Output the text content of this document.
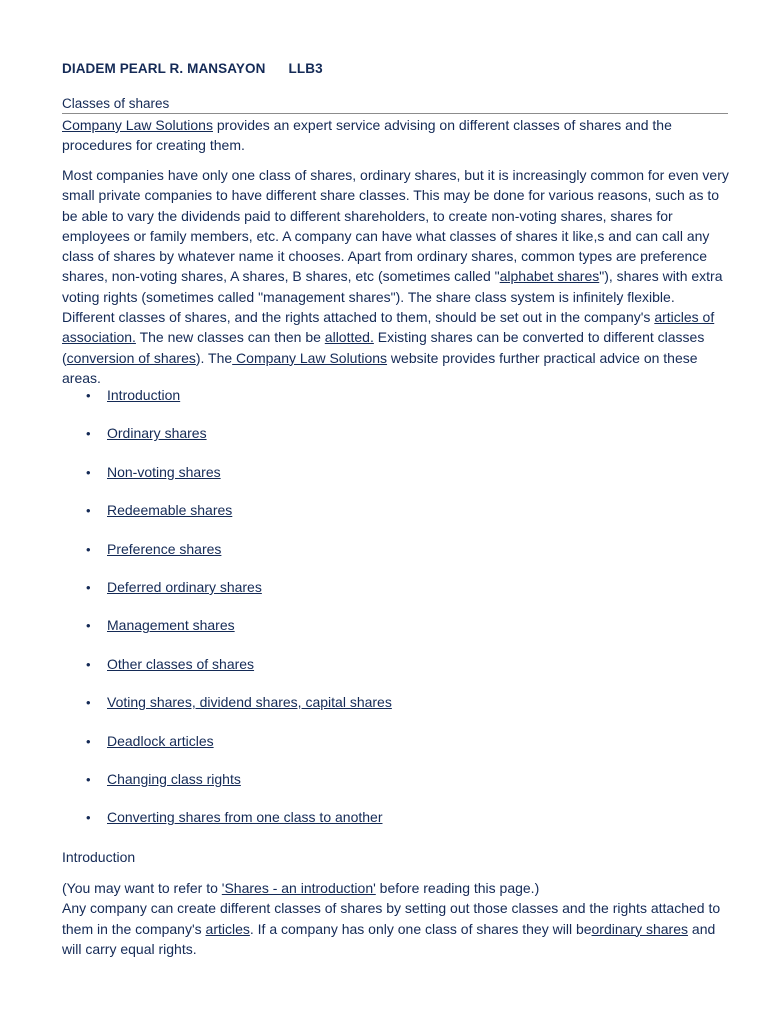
DIADEM PEARL R. MANSAYON LLB3
Classes of shares

Company Law Solutions provides an expert service advising on different classes of shares and the procedures for creating them.

Most companies have only one class of shares, ordinary shares, but it is increasingly common for even very small private companies to have different share classes. This may be done for various reasons, such as to be able to vary the dividends paid to different shareholders, to create non-voting shares, shares for employees or family members, etc. A company can have what classes of shares it like,s and can call any class of shares by whatever name it chooses. Apart from ordinary shares, common types are preference shares, non-voting shares, A shares, B shares, etc (sometimes called "alphabet shares"), shares with extra voting rights (sometimes called "management shares"). The share class system is infinitely flexible. Different classes of shares, and the rights attached to them, should be set out in the company's articles of association. The new classes can then be allotted. Existing shares can be converted to different classes (conversion of shares). The Company Law Solutions website provides further practical advice on these areas.

• Introduction
• Ordinary shares
• Non-voting shares
• Redeemable shares
• Preference shares
• Deferred ordinary shares
• Management shares
• Other classes of shares
• Voting shares, dividend shares, capital shares
• Deadlock articles
• Changing class rights
• Converting shares from one class to another
Introduction

(You may want to refer to 'Shares - an introduction' before reading this page.)
Any company can create different classes of shares by setting out those classes and the rights attached to them in the company's articles. If a company has only one class of shares they will beordinary shares and will carry equal rights.
